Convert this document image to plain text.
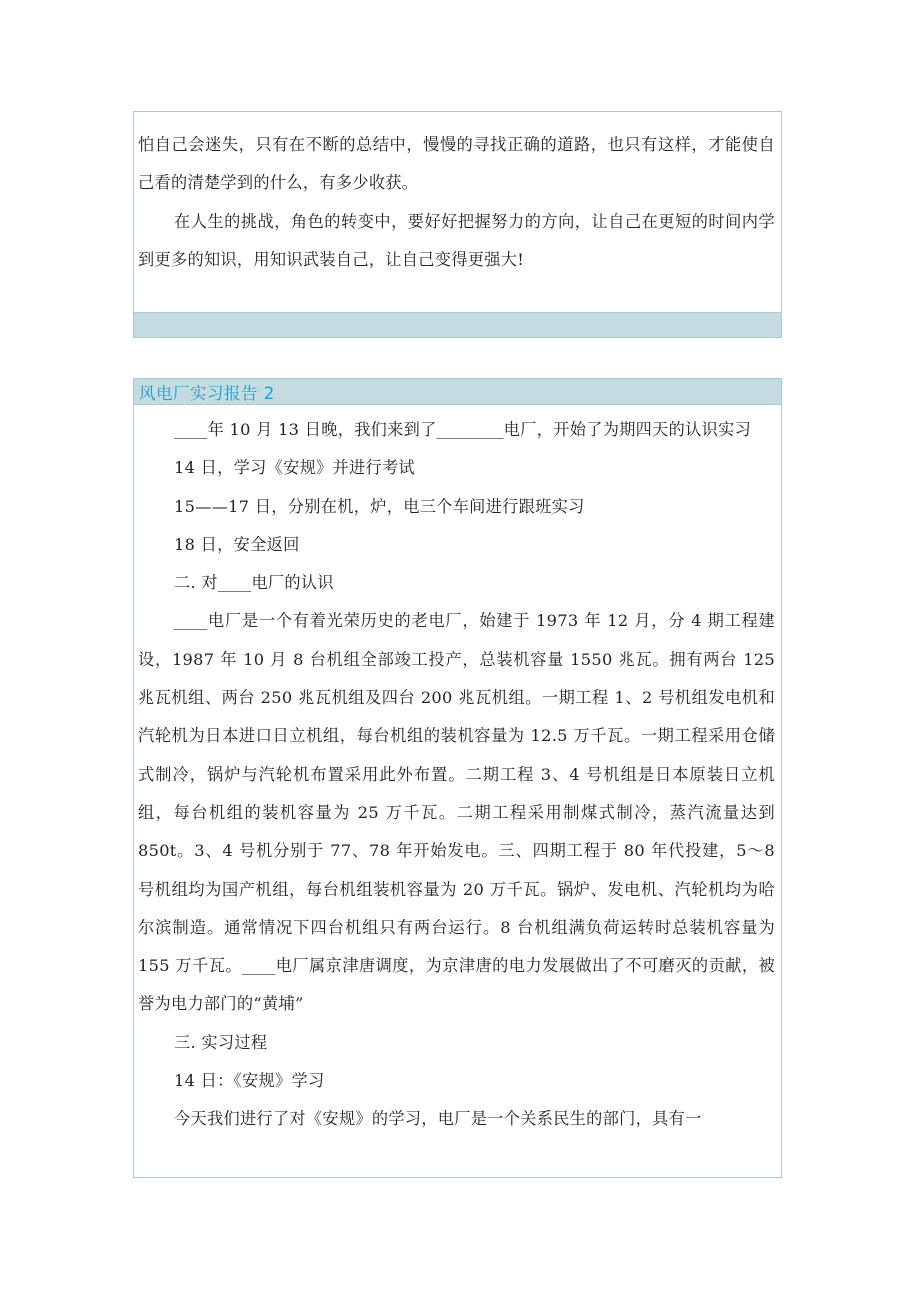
怕自己会迷失，只有在不断的总结中，慢慢的寻找正确的道路，也只有这样，才能使自己看的清楚学到的什么，有多少收获。

在人生的挑战，角色的转变中，要好好把握努力的方向，让自己在更短的时间内学到更多的知识，用知识武装自己，让自己变得更强大!

风电厂实习报告 2

____年 10 月 13 日晚，我们来到了________电厂，开始了为期四天的认识实习

14 日，学习《安规》并进行考试

15——17 日，分别在机，炉，电三个车间进行跟班实习

18 日，安全返回

二. 对____电厂的认识

____电厂是一个有着光荣历史的老电厂，始建于 1973 年 12 月，分 4 期工程建设，1987 年 10 月 8 台机组全部竣工投产，总装机容量 1550 兆瓦。拥有两台 125 兆瓦机组、两台 250 兆瓦机组及四台 200 兆瓦机组。一期工程 1、2 号机组发电机和汽轮机为日本进口日立机组，每台机组的装机容量为 12.5 万千瓦。一期工程采用仓储式制冷，锅炉与汽轮机布置采用此外布置。二期工程 3、4 号机组是日本原装日立机组，每台机组的装机容量为 25 万千瓦。二期工程采用制煤式制冷，蒸汽流量达到 850t。3、4 号机分别于 77、78 年开始发电。三、四期工程于 80 年代投建，5～8 号机组均为国产机组，每台机组装机容量为 20 万千瓦。锅炉、发电机、汽轮机均为哈尔滨制造。通常情况下四台机组只有两台运行。8 台机组满负荷运转时总装机容量为 155 万千瓦。____电厂属京津唐调度，为京津唐的电力发展做出了不可磨灭的贡献，被誉为电力部门的“黄埔”

三. 实习过程

14 日：《安规》学习

今天我们进行了对《安规》的学习，电厂是一个关系民生的部门，具有一
